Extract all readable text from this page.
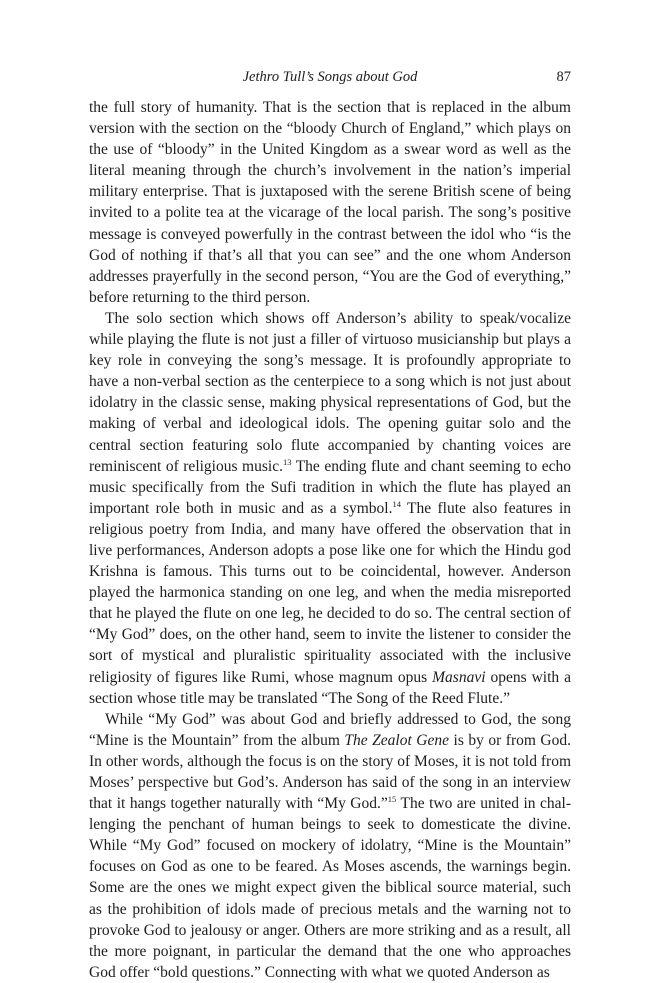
Jethro Tull’s Songs about God	87

the full story of humanity. That is the section that is replaced in the album version with the section on the “bloody Church of England,” which plays on the use of “bloody” in the United Kingdom as a swear word as well as the literal meaning through the church’s involvement in the nation’s imperial military enterprise. That is juxtaposed with the serene British scene of being invited to a polite tea at the vicarage of the local parish. The song’s positive message is conveyed powerfully in the contrast between the idol who “is the God of nothing if that’s all that you can see” and the one whom Anderson addresses prayerfully in the second person, “You are the God of everything,” before returning to the third person.

The solo section which shows off Anderson’s ability to speak/vocalize while playing the flute is not just a filler of virtuoso musicianship but plays a key role in conveying the song’s message. It is profoundly appropriate to have a non-verbal section as the centerpiece to a song which is not just about idolatry in the classic sense, making physical representations of God, but the making of verbal and ideological idols. The opening guitar solo and the central section featuring solo flute accompanied by chanting voices are reminiscent of religious music.$^{13}$ The ending flute and chant seeming to echo music specifically from the Sufi tradition in which the flute has played an important role both in music and as a symbol.$^{14}$ The flute also features in religious poetry from India, and many have offered the observation that in live performances, Anderson adopts a pose like one for which the Hindu god Krishna is famous. This turns out to be coincidental, however. Anderson played the harmonica standing on one leg, and when the media misreported that he played the flute on one leg, he decided to do so. The central section of “My God” does, on the other hand, seem to invite the listener to consider the sort of mystical and pluralistic spirituality associated with the inclusive religiosity of figures like Rumi, whose magnum opus Masnavi opens with a section whose title may be translated “The Song of the Reed Flute.”

While “My God” was about God and briefly addressed to God, the song “Mine is the Mountain” from the album The Zealot Gene is by or from God. In other words, although the focus is on the story of Moses, it is not told from Moses’ perspective but God’s. Anderson has said of the song in an interview that it hangs together naturally with “My God.”$^{15}$ The two are united in challenging the penchant of human beings to seek to domesticate the divine. While “My God” focused on mockery of idolatry, “Mine is the Mountain” focuses on God as one to be feared. As Moses ascends, the warnings begin. Some are the ones we might expect given the biblical source material, such as the prohibition of idols made of precious metals and the warning not to provoke God to jealousy or anger. Others are more striking and as a result, all the more poignant, in particular the demand that the one who approaches God offer “bold questions.” Connecting with what we quoted Anderson as
